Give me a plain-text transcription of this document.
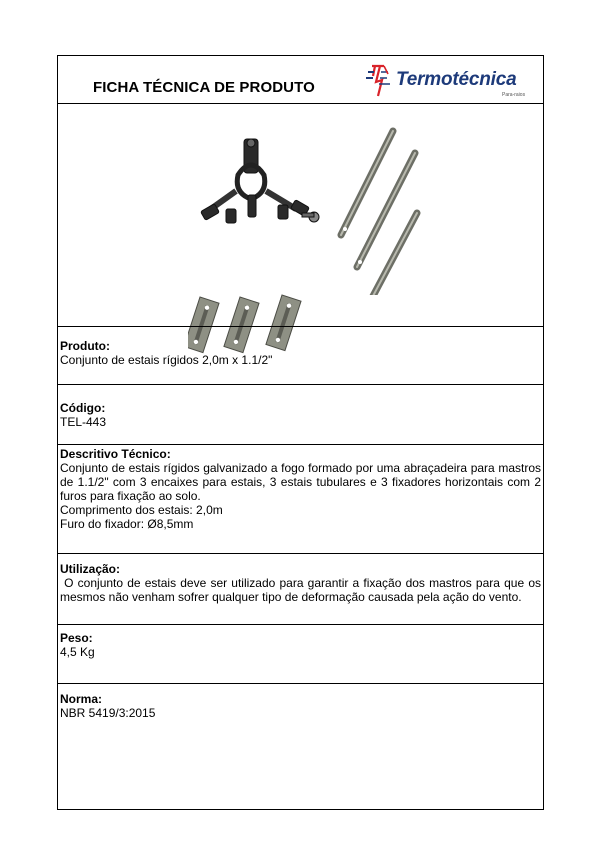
FICHA TÉCNICA DE PRODUTO	Termotécnica
Para-raios
Produto:
Conjunto de estais rígidos 2,0m x 1.1/2"
Código:
TEL-443
Descritivo Técnico:
Conjunto de estais rígidos galvanizado a fogo formado por uma abraçadeira para mastros de 1.1/2" com 3 encaixes para estais, 3 estais tubulares e 3 fixadores horizontais com 2 furos para fixação ao solo.
Comprimento dos estais: 2,0m
Furo do fixador: Ø8,5mm
Utilização:
O conjunto de estais deve ser utilizado para garantir a fixação dos mastros para que os mesmos não venham sofrer qualquer tipo de deformação causada pela ação do vento.
Peso:
4,5 Kg
Norma:
NBR 5419/3:2015
